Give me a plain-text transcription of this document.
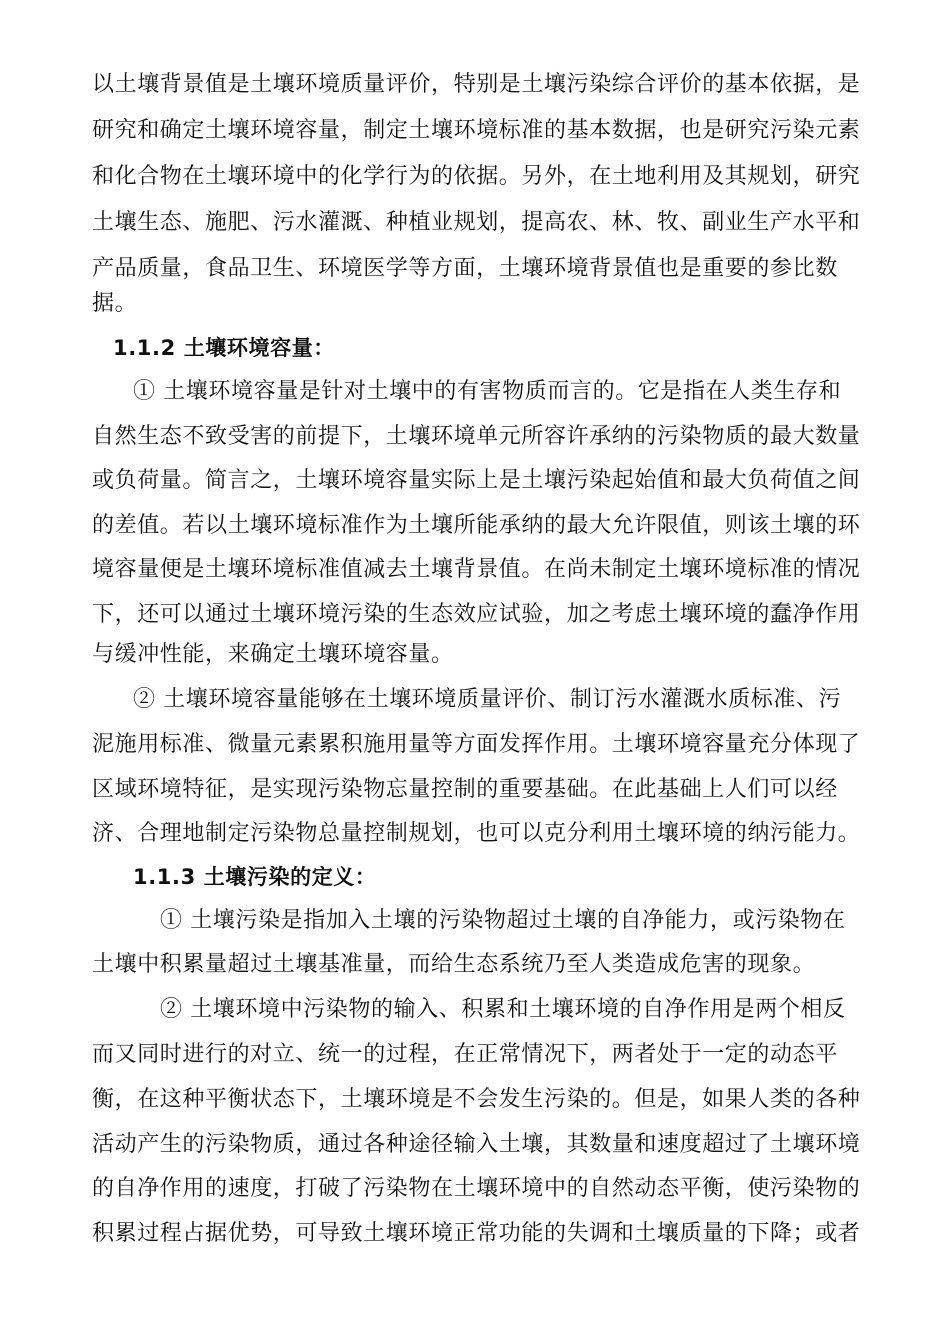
以土壤背景值是土壤环境质量评价，特别是土壤污染综合评价的基本依据，是
研究和确定土壤环境容量，制定土壤环境标准的基本数据，也是研究污染元素
和化合物在土壤环境中的化学行为的依据。另外，在土地利用及其规划，研究
土壤生态、施肥、污水灌溉、种植业规划，提高农、林、牧、副业生产水平和
产品质量，食品卫生、环境医学等方面，土壤环境背景值也是重要的参比数
据。
1.1.2 土壤环境容量：
① 土壤环境容量是针对土壤中的有害物质而言的。它是指在人类生存和
自然生态不致受害的前提下，土壤环境单元所容许承纳的污染物质的最大数量
或负荷量。简言之，土壤环境容量实际上是土壤污染起始值和最大负荷值之间
的差值。若以土壤环境标准作为土壤所能承纳的最大允许限值，则该土壤的环
境容量便是土壤环境标准值减去土壤背景值。在尚未制定土壤环境标准的情况
下，还可以通过土壤环境污染的生态效应试验，加之考虑土壤环境的蠢净作用
与缓冲性能，来确定土壤环境容量。
② 土壤环境容量能够在土壤环境质量评价、制订污水灌溉水质标准、污
泥施用标准、微量元素累积施用量等方面发挥作用。土壤环境容量充分体现了
区域环境特征，是实现污染物忘量控制的重要基础。在此基础上人们可以经
济、合理地制定污染物总量控制规划，也可以克分利用土壤环境的纳污能力。
1.1.3 土壤污染的定义：
① 土壤污染是指加入土壤的污染物超过土壤的自净能力，或污染物在
土壤中积累量超过土壤基准量，而给生态系统乃至人类造成危害的现象。
② 土壤环境中污染物的输入、积累和土壤环境的自净作用是两个相反
而又同时进行的对立、统一的过程，在正常情况下，两者处于一定的动态平
衡，在这种平衡状态下，土壤环境是不会发生污染的。但是，如果人类的各种
活动产生的污染物质，通过各种途径输入土壤，其数量和速度超过了土壤环境
的自净作用的速度，打破了污染物在土壤环境中的自然动态平衡，使污染物的
积累过程占据优势，可导致土壤环境正常功能的失调和土壤质量的下降；或者
